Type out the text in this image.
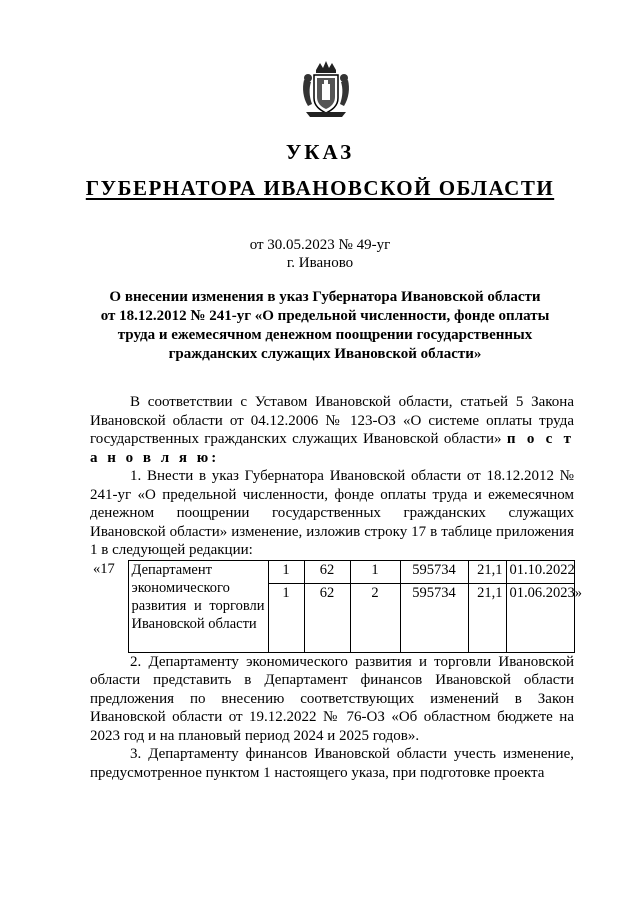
УКАЗ
ГУБЕРНАТОРА ИВАНОВСКОЙ ОБЛАСТИ
от 30.05.2023 № 49-уг
г. Иваново
О внесении изменения в указ Губернатора Ивановской области
от 18.12.2012 № 241-уг «О предельной численности, фонде оплаты
труда и ежемесячном денежном поощрении государственных
гражданских служащих Ивановской области»

В соответствии с Уставом Ивановской области, статьей 5 Закона Ивановской области от 04.12.2006 № 123-ОЗ «О системе оплаты труда государственных гражданских служащих Ивановской области» п о с т а н о в л я ю:

1. Внести в указ Губернатора Ивановской области от 18.12.2012 № 241-уг «О предельной численности, фонде оплаты труда и ежемесячном денежном поощрении государственных гражданских служащих Ивановской области» изменение, изложив строку 17 в таблице приложения 1 в следующей редакции:

«17	Департамент экономического развития и торговли Ивановской области	1	62	1	595734	21,1	01.10.2022
		1	62	2	595734	21,1	01.06.2023»

2. Департаменту экономического развития и торговли Ивановской области представить в Департамент финансов Ивановской области предложения по внесению соответствующих изменений в Закон Ивановской области от 19.12.2022 № 76-ОЗ «Об областном бюджете на 2023 год и на плановый период 2024 и 2025 годов».

3. Департаменту финансов Ивановской области учесть изменение, предусмотренное пунктом 1 настоящего указа, при подготовке проекта
